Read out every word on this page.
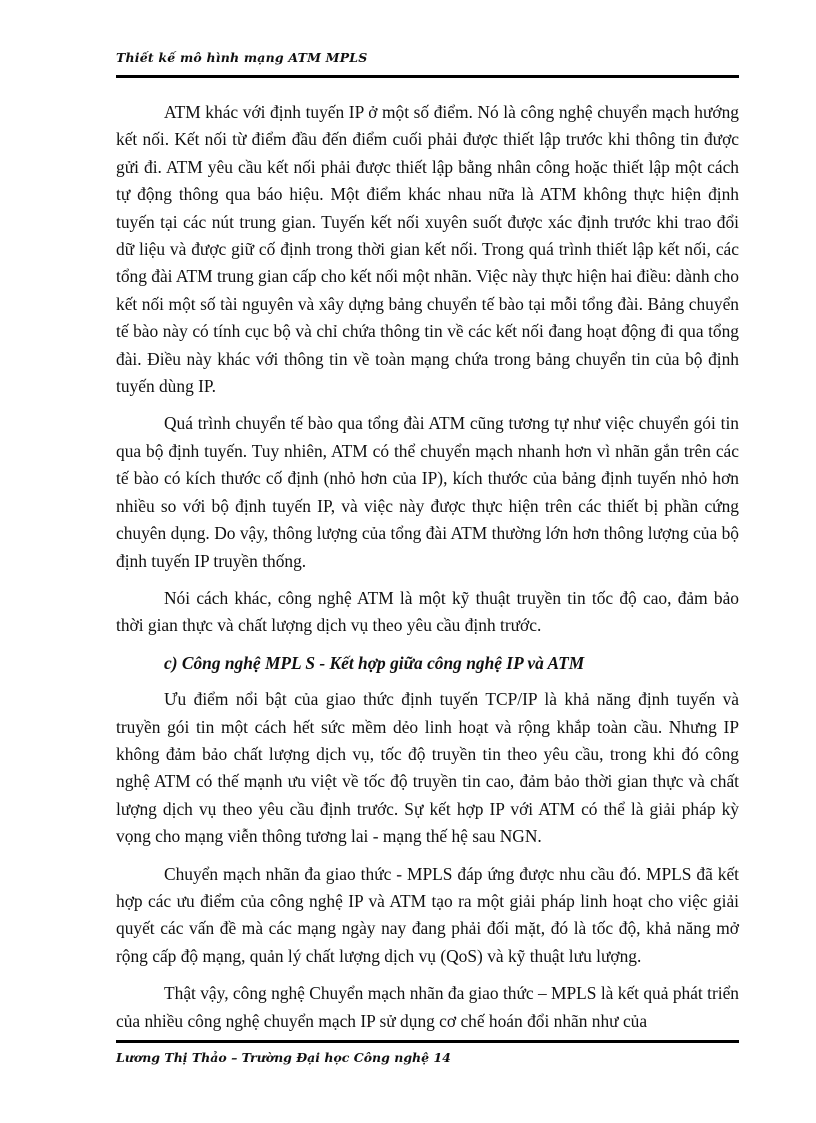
Thiết kế mô hình mạng ATM MPLS

ATM khác với định tuyến IP ở một số điểm. Nó là công nghệ chuyển mạch hướng kết nối. Kết nối từ điểm đầu đến điểm cuối phải được thiết lập trước khi thông tin được gửi đi. ATM yêu cầu kết nối phải được thiết lập bằng nhân công hoặc thiết lập một cách tự động thông qua báo hiệu. Một điểm khác nhau nữa là ATM không thực hiện định tuyến tại các nút trung gian. Tuyến kết nối xuyên suốt được xác định trước khi trao đổi dữ liệu và được giữ cố định trong thời gian kết nối. Trong quá trình thiết lập kết nối, các tổng đài ATM trung gian cấp cho kết nối một nhãn. Việc này thực hiện hai điều: dành cho kết nối một số tài nguyên và xây dựng bảng chuyển tế bào tại mỗi tổng đài. Bảng chuyển tế bào này có tính cục bộ và chỉ chứa thông tin về các kết nối đang hoạt động đi qua tổng đài. Điều này khác với thông tin về toàn mạng chứa trong bảng chuyển tin của bộ định tuyến dùng IP.

Quá trình chuyển tế bào qua tổng đài ATM cũng tương tự như việc chuyển gói tin qua bộ định tuyến. Tuy nhiên, ATM có thể chuyển mạch nhanh hơn vì nhãn gắn trên các tế bào có kích thước cố định (nhỏ hơn của IP), kích thước của bảng định tuyến nhỏ hơn nhiều so với bộ định tuyến IP, và việc này được thực hiện trên các thiết bị phần cứng chuyên dụng. Do vậy, thông lượng của tổng đài ATM thường lớn hơn thông lượng của bộ định tuyến IP truyền thống.

Nói cách khác, công nghệ ATM là một kỹ thuật truyền tin tốc độ cao, đảm bảo thời gian thực và chất lượng dịch vụ theo yêu cầu định trước.

c) Công nghệ MPL S - Kết hợp giữa công nghệ IP và ATM

Ưu điểm nổi bật của giao thức định tuyến TCP/IP là khả năng định tuyến và truyền gói tin một cách hết sức mềm dẻo linh hoạt và rộng khắp toàn cầu. Nhưng IP không đảm bảo chất lượng dịch vụ, tốc độ truyền tin theo yêu cầu, trong khi đó công nghệ ATM có thế mạnh ưu việt về tốc độ truyền tin cao, đảm bảo thời gian thực và chất lượng dịch vụ theo yêu cầu định trước. Sự kết hợp IP với ATM có thể là giải pháp kỳ vọng cho mạng viễn thông tương lai - mạng thế hệ sau NGN.

Chuyển mạch nhãn đa giao thức - MPLS đáp ứng được nhu cầu đó. MPLS đã kết hợp các ưu điểm của công nghệ IP và ATM tạo ra một giải pháp linh hoạt cho việc giải quyết các vấn đề mà các mạng ngày nay đang phải đối mặt, đó là tốc độ, khả năng mở rộng cấp độ mạng, quản lý chất lượng dịch vụ (QoS) và kỹ thuật lưu lượng.

Thật vậy, công nghệ Chuyển mạch nhãn đa giao thức – MPLS là kết quả phát triển của nhiều công nghệ chuyển mạch IP sử dụng cơ chế hoán đổi nhãn như của

Lương Thị Thảo – Trường Đại học Công nghệ 14
